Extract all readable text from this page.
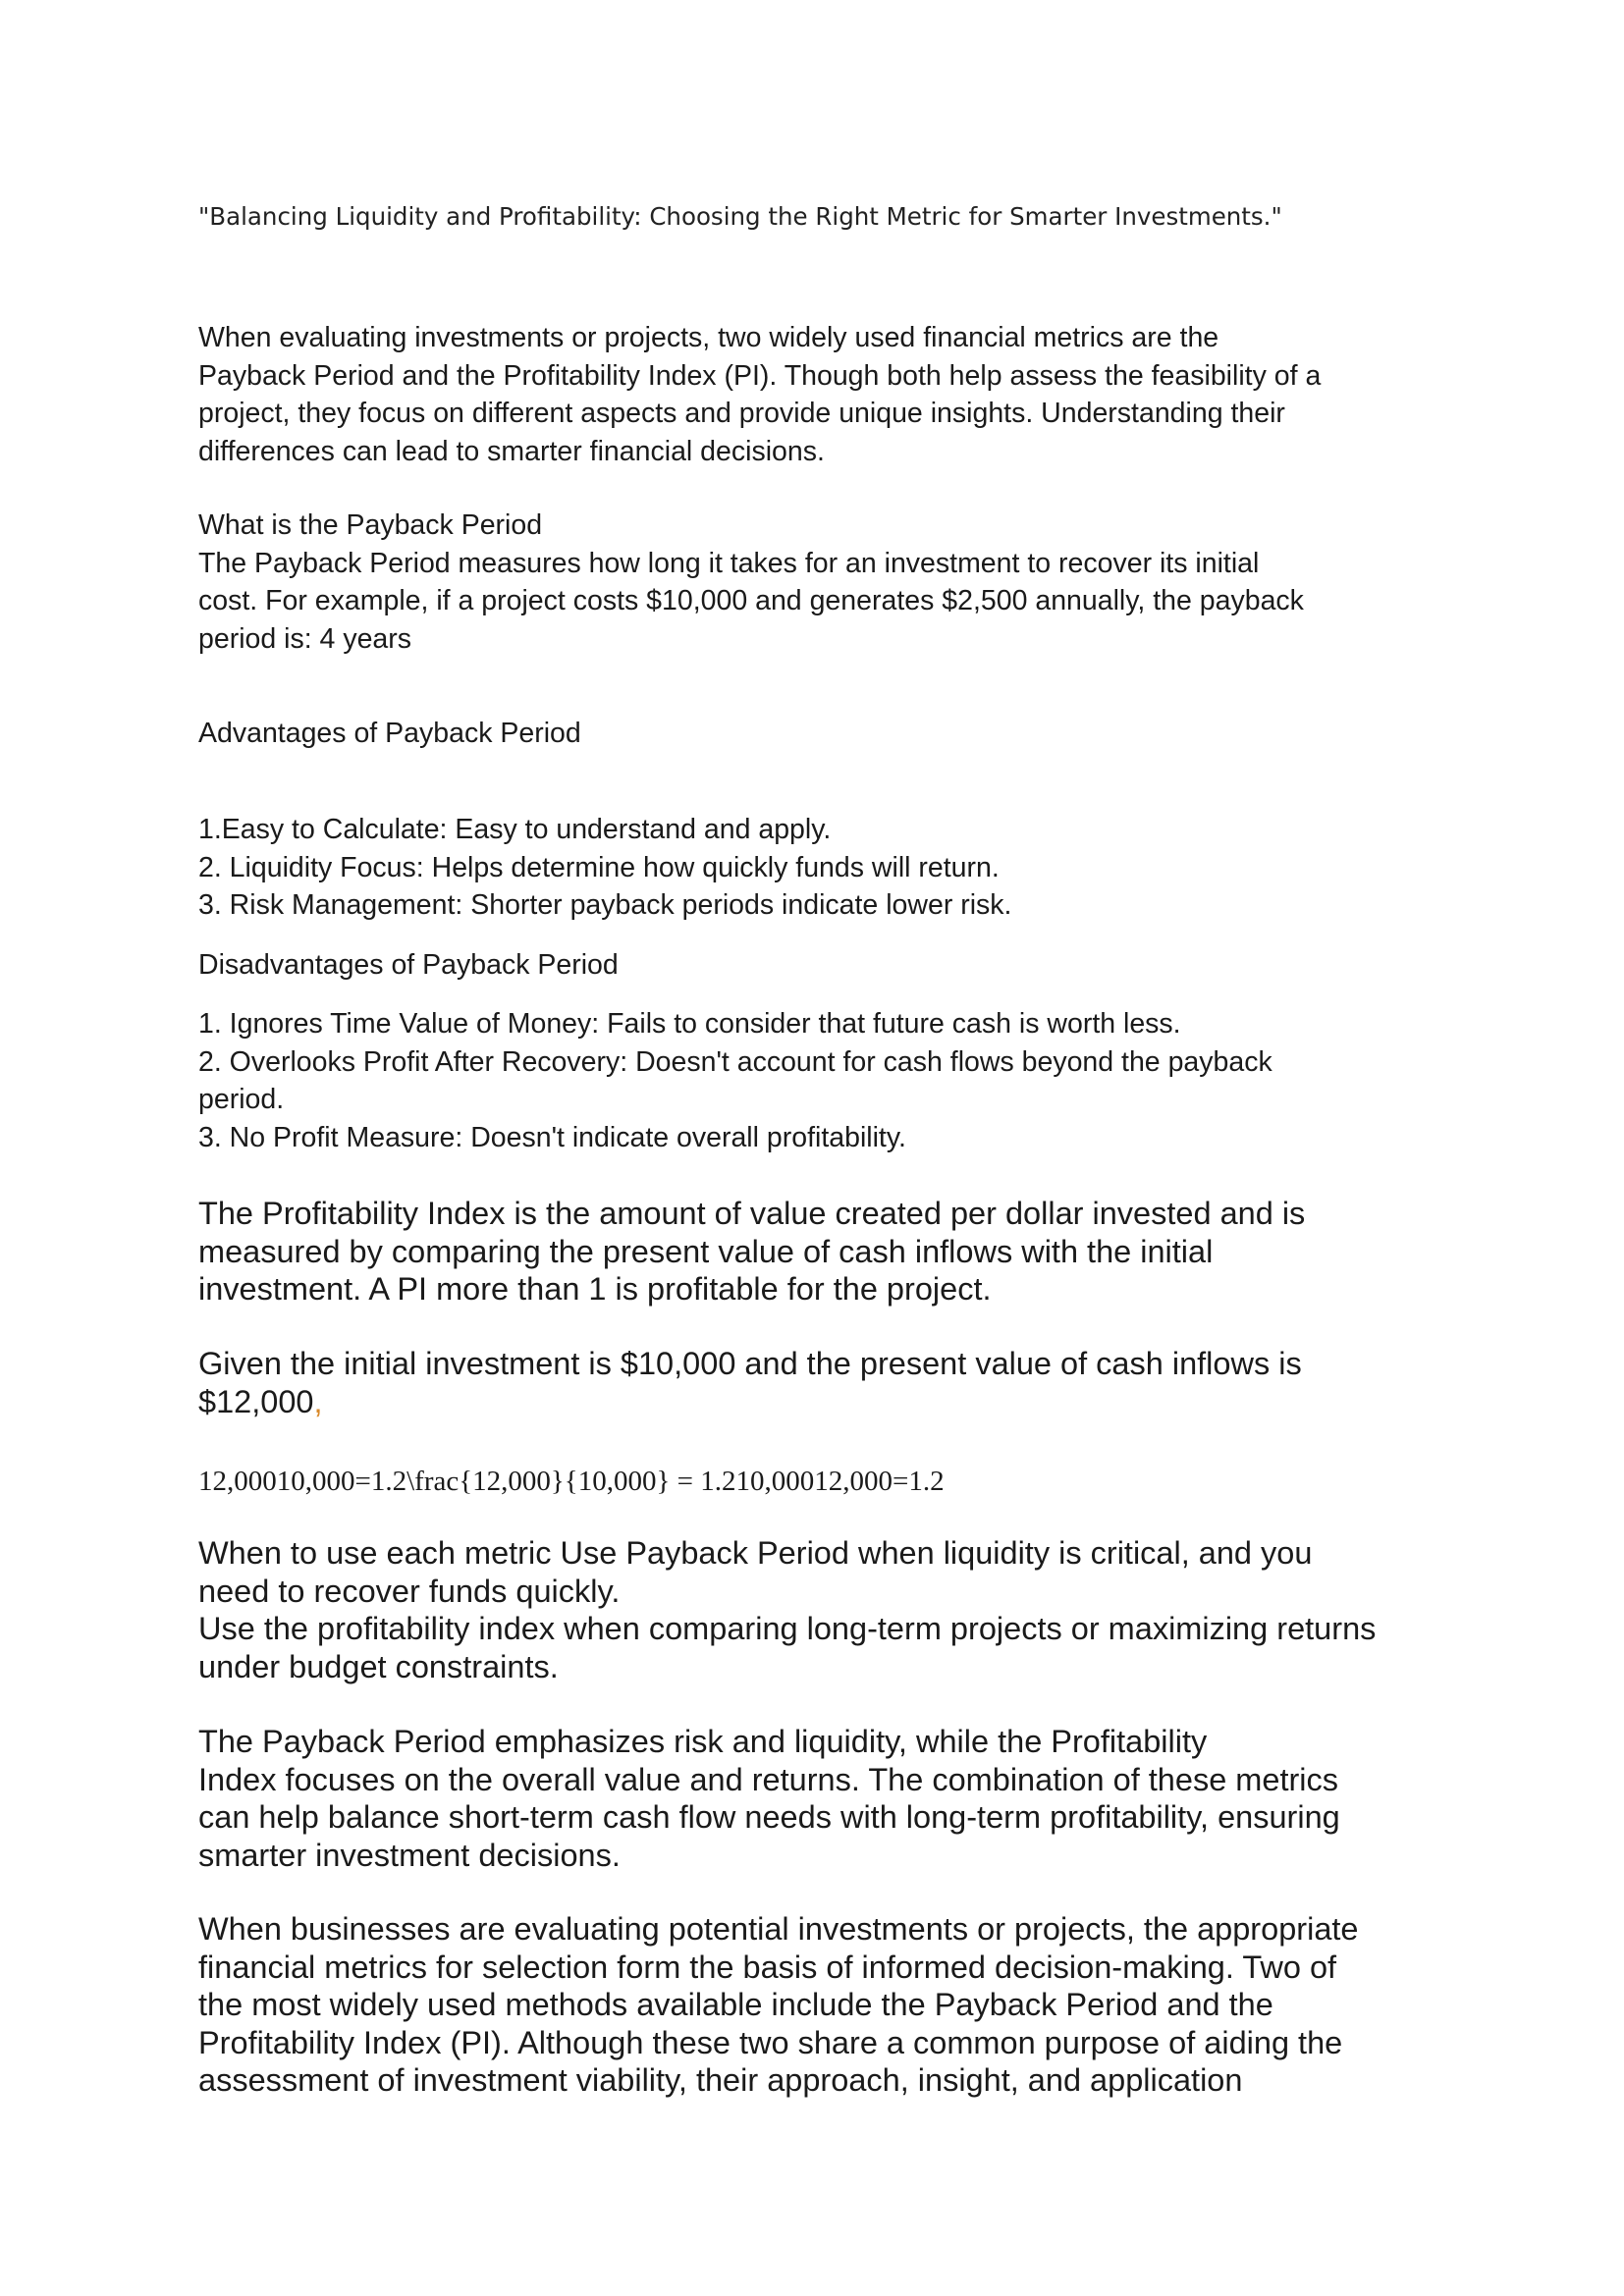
"Balancing Liquidity and Profitability: Choosing the Right Metric for Smarter Investments."

When evaluating investments or projects, two widely used financial metrics are the
Payback Period and the Profitability Index (PI). Though both help assess the feasibility of a
project, they focus on different aspects and provide unique insights. Understanding their
differences can lead to smarter financial decisions.

What is the Payback Period
The Payback Period measures how long it takes for an investment to recover its initial
cost. For example, if a project costs $10,000 and generates $2,500 annually, the payback
period is: 4 years

Advantages of Payback Period

1.Easy to Calculate: Easy to understand and apply.
2. Liquidity Focus: Helps determine how quickly funds will return.
3. Risk Management: Shorter payback periods indicate lower risk.

Disadvantages of Payback Period

1. Ignores Time Value of Money: Fails to consider that future cash is worth less.
2. Overlooks Profit After Recovery: Doesn't account for cash flows beyond the payback
period.
3. No Profit Measure: Doesn't indicate overall profitability.

The Profitability Index is the amount of value created per dollar invested and is
measured by comparing the present value of cash inflows with the initial
investment. A PI more than 1 is profitable for the project.

Given the initial investment is $10,000 and the present value of cash inflows is
$12,000,

12,00010,000=1.2\frac{12,000}{10,000} = 1.210,00012,000=1.2

When to use each metric Use Payback Period when liquidity is critical, and you
need to recover funds quickly.
Use the profitability index when comparing long-term projects or maximizing returns
under budget constraints.

The Payback Period emphasizes risk and liquidity, while the Profitability
Index focuses on the overall value and returns. The combination of these metrics
can help balance short-term cash flow needs with long-term profitability, ensuring
smarter investment decisions.

When businesses are evaluating potential investments or projects, the appropriate
financial metrics for selection form the basis of informed decision-making. Two of
the most widely used methods available include the Payback Period and the
Profitability Index (PI). Although these two share a common purpose of aiding the
assessment of investment viability, their approach, insight, and application
